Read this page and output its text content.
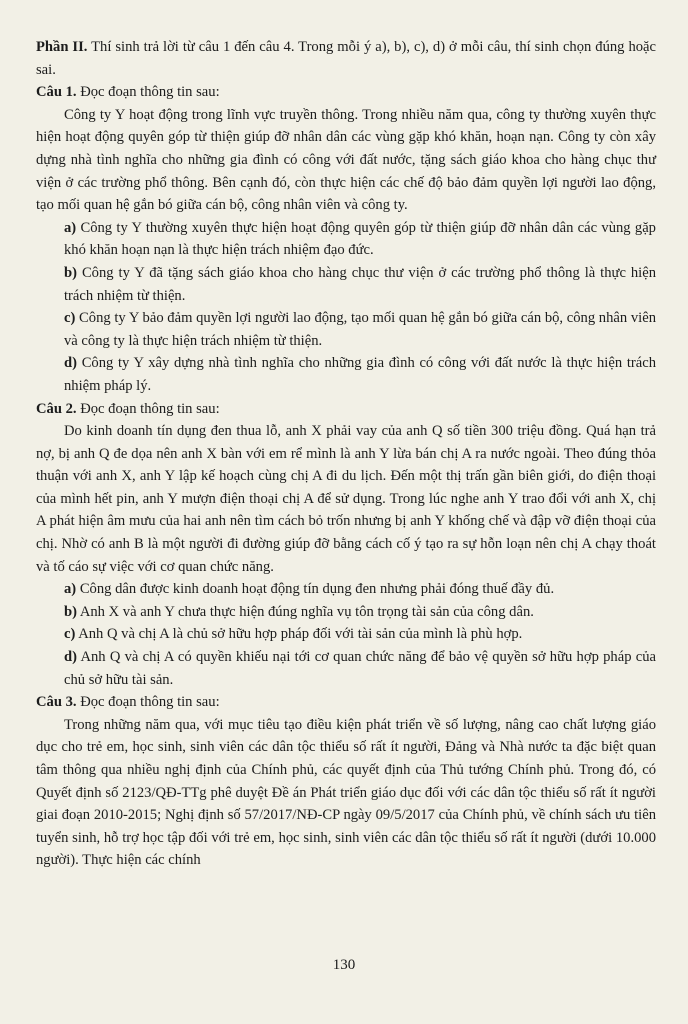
Phần II. Thí sinh trả lời từ câu 1 đến câu 4. Trong mỗi ý a), b), c), d) ở mỗi câu, thí sinh chọn đúng hoặc sai.

Câu 1. Đọc đoạn thông tin sau:

Công ty Y hoạt động trong lĩnh vực truyền thông. Trong nhiều năm qua, công ty thường xuyên thực hiện hoạt động quyên góp từ thiện giúp đỡ nhân dân các vùng gặp khó khăn, hoạn nạn. Công ty còn xây dựng nhà tình nghĩa cho những gia đình có công với đất nước, tặng sách giáo khoa cho hàng chục thư viện ở các trường phổ thông. Bên cạnh đó, còn thực hiện các chế độ bảo đảm quyền lợi người lao động, tạo mối quan hệ gắn bó giữa cán bộ, công nhân viên và công ty.

a) Công ty Y thường xuyên thực hiện hoạt động quyên góp từ thiện giúp đỡ nhân dân các vùng gặp khó khăn hoạn nạn là thực hiện trách nhiệm đạo đức.

b) Công ty Y đã tặng sách giáo khoa cho hàng chục thư viện ở các trường phổ thông là thực hiện trách nhiệm từ thiện.

c) Công ty Y bảo đảm quyền lợi người lao động, tạo mối quan hệ gắn bó giữa cán bộ, công nhân viên và công ty là thực hiện trách nhiệm từ thiện.

d) Công ty Y xây dựng nhà tình nghĩa cho những gia đình có công với đất nước là thực hiện trách nhiệm pháp lý.

Câu 2. Đọc đoạn thông tin sau:

Do kinh doanh tín dụng đen thua lỗ, anh X phải vay của anh Q số tiền 300 triệu đồng. Quá hạn trả nợ, bị anh Q đe dọa nên anh X bàn với em rể mình là anh Y lừa bán chị A ra nước ngoài. Theo đúng thỏa thuận với anh X, anh Y lập kế hoạch cùng chị A đi du lịch. Đến một thị trấn gần biên giới, do điện thoại của mình hết pin, anh Y mượn điện thoại chị A để sử dụng. Trong lúc nghe anh Y trao đổi với anh X, chị A phát hiện âm mưu của hai anh nên tìm cách bỏ trốn nhưng bị anh Y khống chế và đập vỡ điện thoại của chị. Nhờ có anh B là một người đi đường giúp đỡ bằng cách cố ý tạo ra sự hỗn loạn nên chị A chạy thoát và tố cáo sự việc với cơ quan chức năng.

a) Công dân được kinh doanh hoạt động tín dụng đen nhưng phải đóng thuế đầy đủ.

b) Anh X và anh Y chưa thực hiện đúng nghĩa vụ tôn trọng tài sản của công dân.

c) Anh Q và chị A là chủ sở hữu hợp pháp đối với tài sản của mình là phù hợp.

d) Anh Q và chị A có quyền khiếu nại tới cơ quan chức năng để bảo vệ quyền sở hữu hợp pháp của chủ sở hữu tài sản.

Câu 3. Đọc đoạn thông tin sau:

Trong những năm qua, với mục tiêu tạo điều kiện phát triển về số lượng, nâng cao chất lượng giáo dục cho trẻ em, học sinh, sinh viên các dân tộc thiểu số rất ít người, Đảng và Nhà nước ta đặc biệt quan tâm thông qua nhiều nghị định của Chính phủ, các quyết định của Thủ tướng Chính phủ. Trong đó, có Quyết định số 2123/QĐ-TTg phê duyệt Đề án Phát triển giáo dục đối với các dân tộc thiểu số rất ít người giai đoạn 2010-2015; Nghị định số 57/2017/NĐ-CP ngày 09/5/2017 của Chính phủ, về chính sách ưu tiên tuyển sinh, hỗ trợ học tập đối với trẻ em, học sinh, sinh viên các dân tộc thiểu số rất ít người (dưới 10.000 người). Thực hiện các chính

130
